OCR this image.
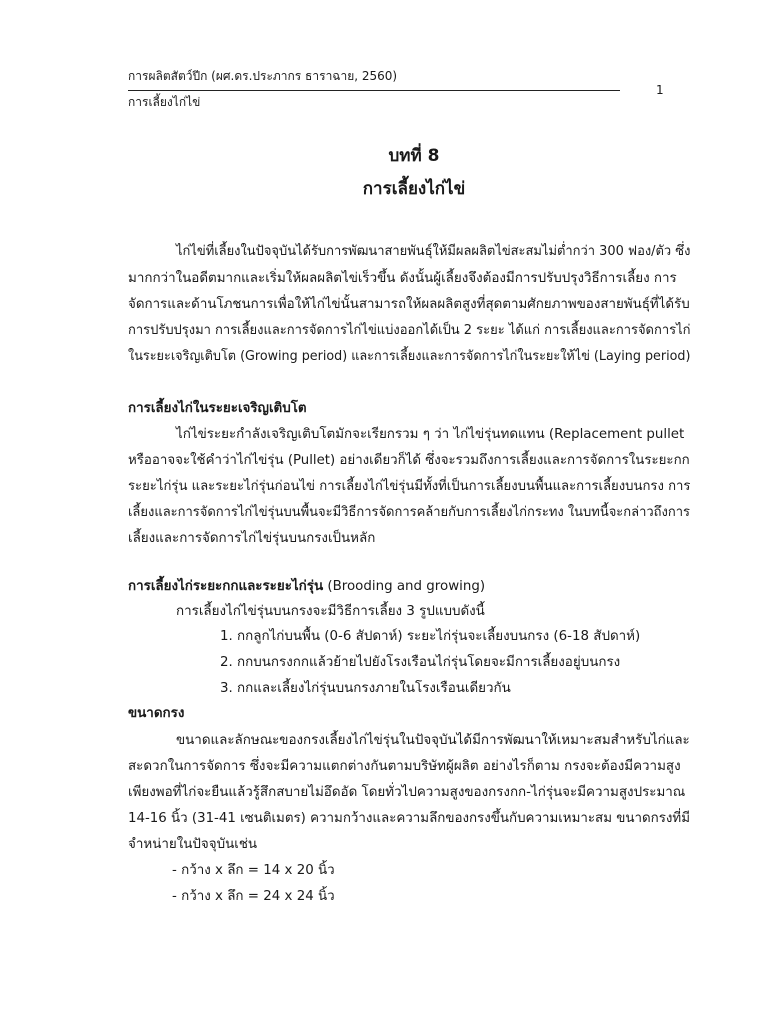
การผลิตสัตว์ปีก (ผศ.ดร.ประภากร ธาราฉาย, 2560)
การเลี้ยงไก่ไข่
1
บทที่ 8
การเลี้ยงไก่ไข่
ไก่ไข่ที่เลี้ยงในปัจจุบันได้รับการพัฒนาสายพันธุ์ให้มีผลผลิตไข่สะสมไม่ต่ำกว่า 300 ฟอง/ตัว ซึ่ง
มากกว่าในอดีตมากและเริ่มให้ผลผลิตไข่เร็วขึ้น ดังนั้นผู้เลี้ยงจึงต้องมีการปรับปรุงวิธีการเลี้ยง การ
จัดการและด้านโภชนการเพื่อให้ไก่ไข่นั้นสามารถให้ผลผลิตสูงที่สุดตามศักยภาพของสายพันธุ์ที่ได้รับ
การปรับปรุงมา การเลี้ยงและการจัดการไก่ไข่แบ่งออกได้เป็น 2 ระยะ ได้แก่ การเลี้ยงและการจัดการไก่
ในระยะเจริญเติบโต (Growing period) และการเลี้ยงและการจัดการไก่ในระยะให้ไข่ (Laying period)
การเลี้ยงไก่ในระยะเจริญเติบโต
ไก่ไข่ระยะกำลังเจริญเติบโตมักจะเรียกรวม ๆ ว่า ไก่ไข่รุ่นทดแทน (Replacement pullet
หรืออาจจะใช้คำว่าไก่ไข่รุ่น (Pullet) อย่างเดียวก็ได้ ซึ่งจะรวมถึงการเลี้ยงและการจัดการในระยะกก
ระยะไก่รุ่น และระยะไก่รุ่นก่อนไข่ การเลี้ยงไก่ไข่รุ่นมีทั้งที่เป็นการเลี้ยงบนพื้นและการเลี้ยงบนกรง การ
เลี้ยงและการจัดการไก่ไข่รุ่นบนพื้นจะมีวิธีการจัดการคล้ายกับการเลี้ยงไก่กระทง ในบทนี้จะกล่าวถึงการ
เลี้ยงและการจัดการไก่ไข่รุ่นบนกรงเป็นหลัก
การเลี้ยงไก่ระยะกกและระยะไก่รุ่น (Brooding and growing)
การเลี้ยงไก่ไข่รุ่นบนกรงจะมีวิธีการเลี้ยง 3 รูปแบบดังนี้
1. กกลูกไก่บนพื้น (0-6 สัปดาห์) ระยะไก่รุ่นจะเลี้ยงบนกรง (6-18 สัปดาห์)
2. กกบนกรงกกแล้วย้ายไปยังโรงเรือนไก่รุ่นโดยจะมีการเลี้ยงอยู่บนกรง
3. กกและเลี้ยงไก่รุ่นบนกรงภายในโรงเรือนเดียวกัน
ขนาดกรง
ขนาดและลักษณะของกรงเลี้ยงไก่ไข่รุ่นในปัจจุบันได้มีการพัฒนาให้เหมาะสมสำหรับไก่และ
สะดวกในการจัดการ ซึ่งจะมีความแตกต่างกันตามบริษัทผู้ผลิต อย่างไรก็ตาม กรงจะต้องมีความสูง
เพียงพอที่ไก่จะยืนแล้วรู้สึกสบายไม่อึดอัด โดยทั่วไปความสูงของกรงกก-ไก่รุ่นจะมีความสูงประมาณ
14-16 นิ้ว (31-41 เซนติเมตร) ความกว้างและความลึกของกรงขึ้นกับความเหมาะสม ขนาดกรงที่มี
จำหน่ายในปัจจุบันเช่น
- กว้าง x ลึก = 14 x 20 นิ้ว
- กว้าง x ลึก = 24 x 24 นิ้ว
